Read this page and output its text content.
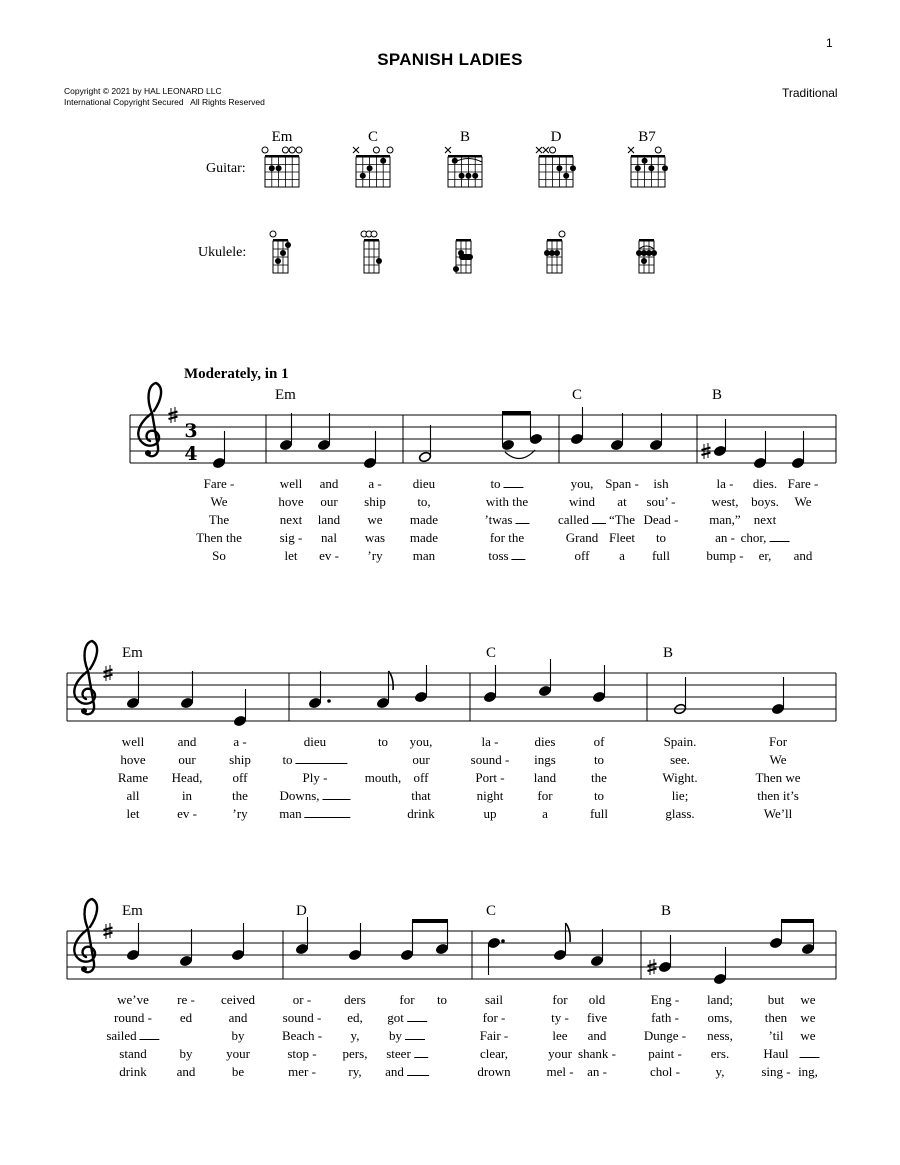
1
SPANISH LADIES
Copyright © 2021 by HAL LEONARD LLC
International Copyright Secured   All Rights Reserved
Traditional
Guitar:
Ukulele:
Em	C	B	D	B7
Moderately, in 1
Em	C	B
Em	C	B
Em	D	C	B
3
4
Fare -	well and a - dieu	to	you, Span - ish	la - dies. Fare -
We	hove our ship to,	with the	wind at sou’ -	west, boys. We
The	next land we made	’twas	called	“The Dead - man,” next
Then the	sig - nal was made	for the	Grand Fleet to	an - chor,
So	let ev - ’ry man	toss	off a full	bump - er, and
well	and	a -	dieu	to you,	la -	dies	of	Spain.	For
hove	our	ship to	our	sound - ings	to	see.	We
Rame Head, off	Ply -	mouth, off	Port - land	the	Wight.	Then we
all	in	the Downs,	that	night	for	to	lie;	then it’s
let	ev -	’ry man	drink	up	a	full	glass.	We’ll
we’ve re - ceived	or -	ders	for to	sail	for old	Eng - land;	but we
round - ed	and	sound - ed, got	for -	ty - five	fath - oms, then we
sailed	by	Beach - y, by	Fair -	lee and	Dunge - ness,	’til we
stand	by	your	stop - pers, steer	clear,	your shank - paint - ers.	Haul
drink and	be	mer - ry, and	drown	mel - an -	chol -	y,	sing - ing,
